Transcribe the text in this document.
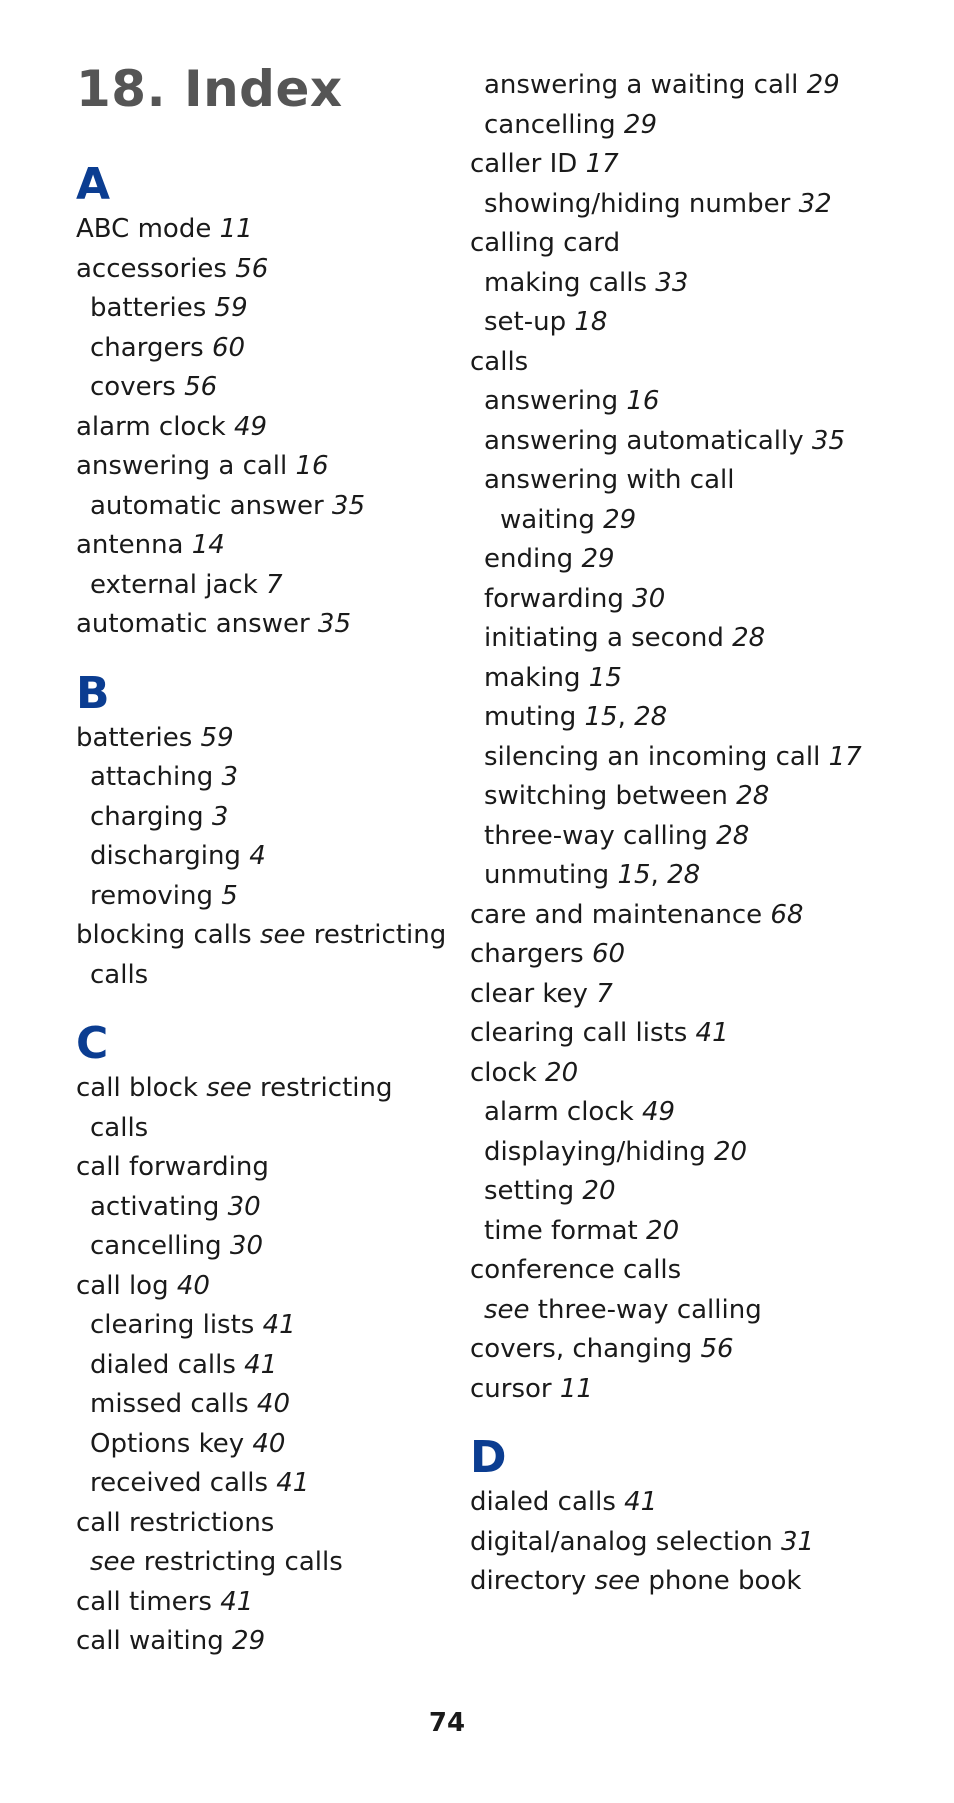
18. Index
A
ABC mode 11
accessories 56
batteries 59
chargers 60
covers 56
alarm clock 49
answering a call 16
automatic answer 35
antenna 14
external jack 7
automatic answer 35
B
batteries 59
attaching 3
charging 3
discharging 4
removing 5
blocking calls see restricting
calls
C
call block see restricting
calls
call forwarding
activating 30
cancelling 30
call log 40
clearing lists 41
dialed calls 41
missed calls 40
Options key 40
received calls 41
call restrictions
see restricting calls
call timers 41
call waiting 29
answering a waiting call 29
cancelling 29
caller ID 17
showing/hiding number 32
calling card
making calls 33
set-up 18
calls
answering 16
answering automatically 35
answering with call
waiting 29
ending 29
forwarding 30
initiating a second 28
making 15
muting 15, 28
silencing an incoming call 17
switching between 28
three-way calling 28
unmuting 15, 28
care and maintenance 68
chargers 60
clear key 7
clearing call lists 41
clock 20
alarm clock 49
displaying/hiding 20
setting 20
time format 20
conference calls
see three-way calling
covers, changing 56
cursor 11
D
dialed calls 41
digital/analog selection 31
directory see phone book
74
